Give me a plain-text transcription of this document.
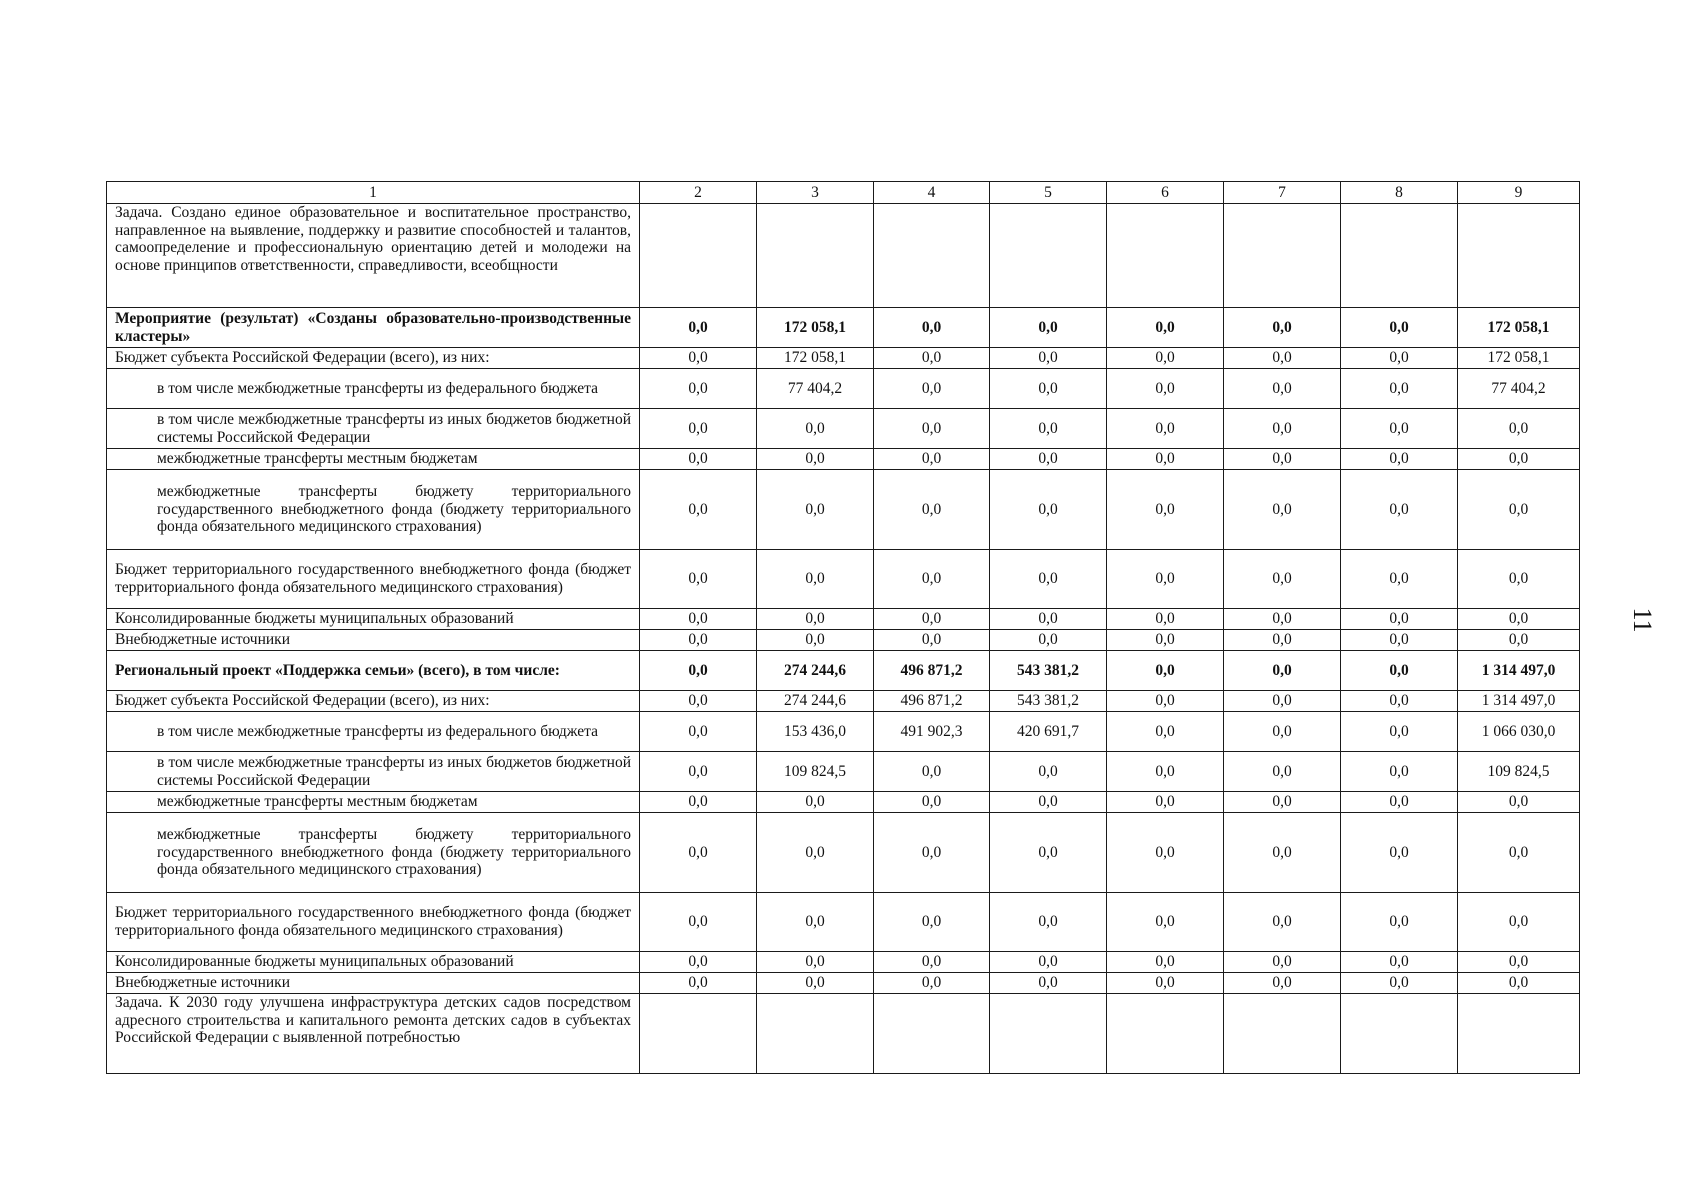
1	2	3	4	5	6	7	8	9
Задача. Создано единое образовательное и воспитательное пространство, направленное на выявление, поддержку и развитие способностей и талантов, самоопределение и профессиональную ориентацию детей и молодежи на основе принципов ответственности, справедливости, всеобщности								
Мероприятие (результат) «Созданы образовательно-производственные кластеры»	0,0	172 058,1	0,0	0,0	0,0	0,0	0,0	172 058,1
Бюджет субъекта Российской Федерации (всего), из них:	0,0	172 058,1	0,0	0,0	0,0	0,0	0,0	172 058,1
в том числе межбюджетные трансферты из федерального бюджета	0,0	77 404,2	0,0	0,0	0,0	0,0	0,0	77 404,2
в том числе межбюджетные трансферты из иных бюджетов бюджетной системы Российской Федерации	0,0	0,0	0,0	0,0	0,0	0,0	0,0	0,0
межбюджетные трансферты местным бюджетам	0,0	0,0	0,0	0,0	0,0	0,0	0,0	0,0
межбюджетные трансферты бюджету территориального государственного внебюджетного фонда (бюджету территориального фонда обязательного медицинского страхования)	0,0	0,0	0,0	0,0	0,0	0,0	0,0	0,0
Бюджет территориального государственного внебюджетного фонда (бюджет территориального фонда обязательного медицинского страхования)	0,0	0,0	0,0	0,0	0,0	0,0	0,0	0,0
Консолидированные бюджеты муниципальных образований	0,0	0,0	0,0	0,0	0,0	0,0	0,0	0,0
Внебюджетные источники	0,0	0,0	0,0	0,0	0,0	0,0	0,0	0,0
Региональный проект «Поддержка семьи» (всего), в том числе:	0,0	274 244,6	496 871,2	543 381,2	0,0	0,0	0,0	1 314 497,0
Бюджет субъекта Российской Федерации (всего), из них:	0,0	274 244,6	496 871,2	543 381,2	0,0	0,0	0,0	1 314 497,0
в том числе межбюджетные трансферты из федерального бюджета	0,0	153 436,0	491 902,3	420 691,7	0,0	0,0	0,0	1 066 030,0
в том числе межбюджетные трансферты из иных бюджетов бюджетной системы Российской Федерации	0,0	109 824,5	0,0	0,0	0,0	0,0	0,0	109 824,5
межбюджетные трансферты местным бюджетам	0,0	0,0	0,0	0,0	0,0	0,0	0,0	0,0
межбюджетные трансферты бюджету территориального государственного внебюджетного фонда (бюджету территориального фонда обязательного медицинского страхования)	0,0	0,0	0,0	0,0	0,0	0,0	0,0	0,0
Бюджет территориального государственного внебюджетного фонда (бюджет территориального фонда обязательного медицинского страхования)	0,0	0,0	0,0	0,0	0,0	0,0	0,0	0,0
Консолидированные бюджеты муниципальных образований	0,0	0,0	0,0	0,0	0,0	0,0	0,0	0,0
Внебюджетные источники	0,0	0,0	0,0	0,0	0,0	0,0	0,0	0,0
Задача. К 2030 году улучшена инфраструктура детских садов посредством адресного строительства и капитального ремонта детских садов в субъектах Российской Федерации с выявленной потребностью								
11
